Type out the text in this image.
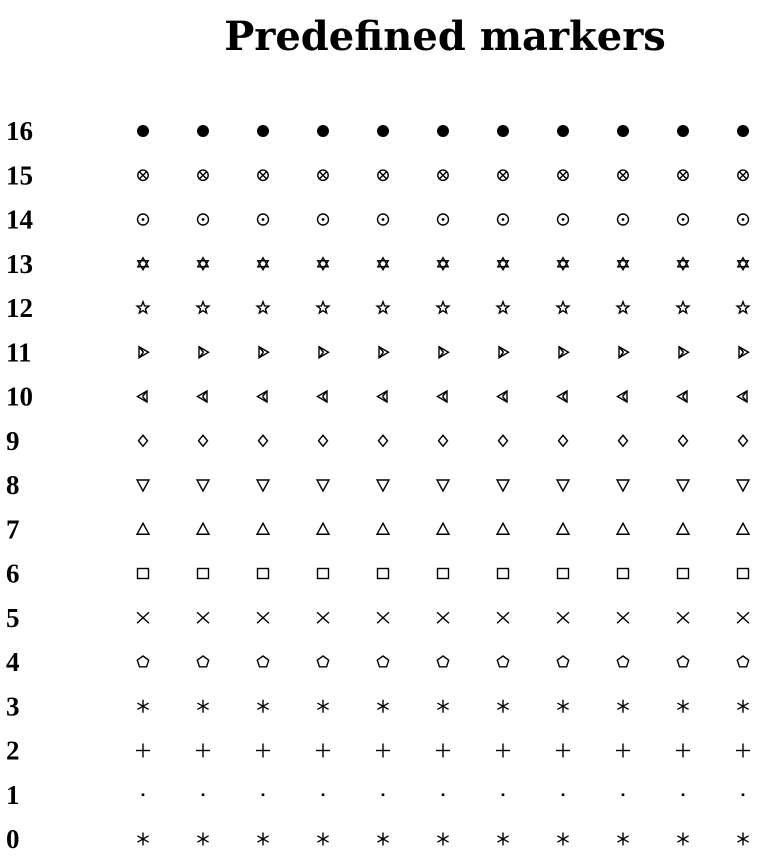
Predefined markers
16
15
14
13
12
11
10
9
8
7
6
5
4
3
2
1
0
